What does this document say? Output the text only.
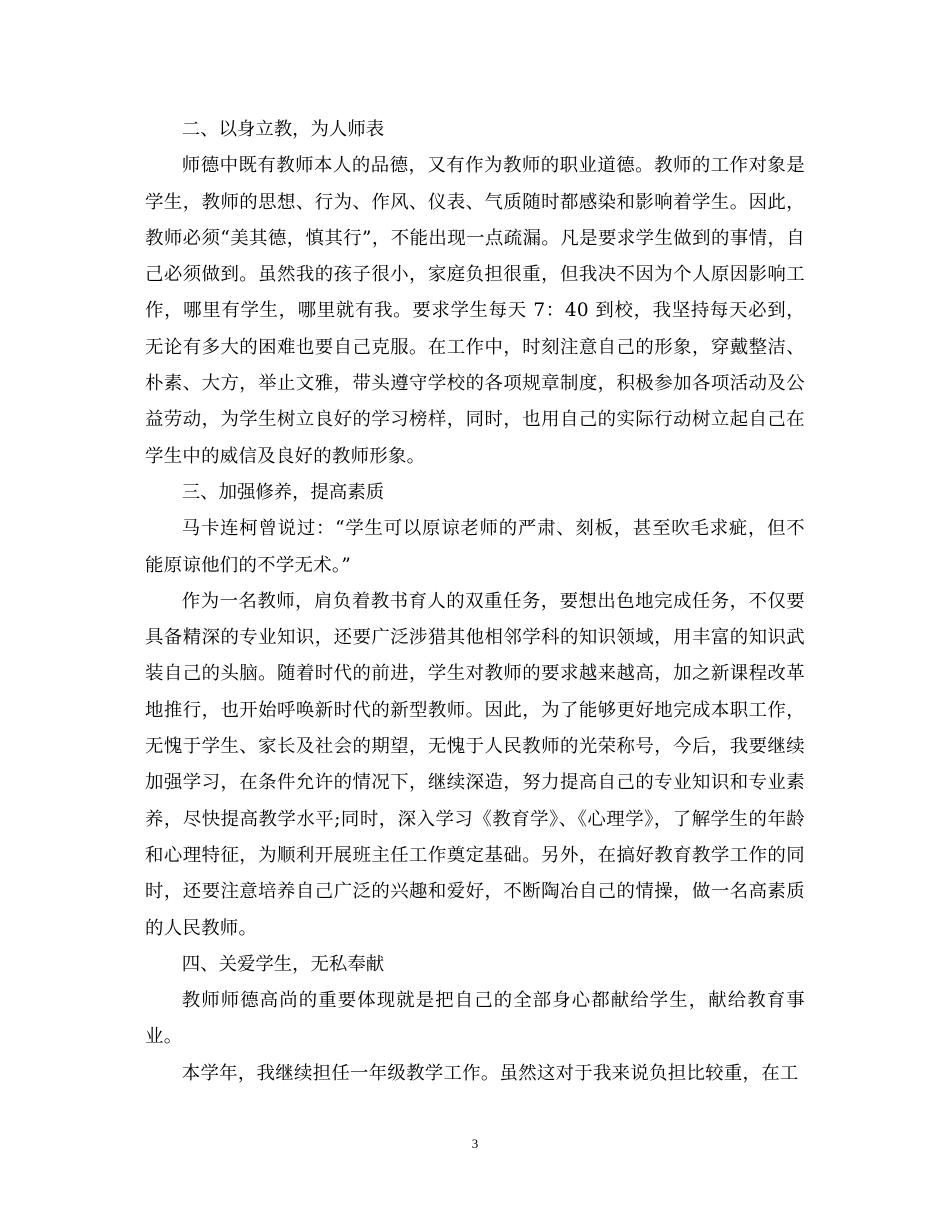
二、以身立教，为人师表

师德中既有教师本人的品德，又有作为教师的职业道德。教师的工作对象是学生，教师的思想、行为、作风、仪表、气质随时都感染和影响着学生。因此，教师必须“美其德，慎其行”，不能出现一点疏漏。凡是要求学生做到的事情，自己必须做到。虽然我的孩子很小，家庭负担很重，但我决不因为个人原因影响工作，哪里有学生，哪里就有我。要求学生每天 7：40 到校，我坚持每天必到，无论有多大的困难也要自己克服。在工作中，时刻注意自己的形象，穿戴整洁、朴素、大方，举止文雅，带头遵守学校的各项规章制度，积极参加各项活动及公益劳动，为学生树立良好的学习榜样，同时，也用自己的实际行动树立起自己在学生中的威信及良好的教师形象。

三、加强修养，提高素质

马卡连柯曾说过：“学生可以原谅老师的严肃、刻板，甚至吹毛求疵，但不能原谅他们的不学无术。”

作为一名教师，肩负着教书育人的双重任务，要想出色地完成任务，不仅要具备精深的专业知识，还要广泛涉猎其他相邻学科的知识领域，用丰富的知识武装自己的头脑。随着时代的前进，学生对教师的要求越来越高，加之新课程改革地推行，也开始呼唤新时代的新型教师。因此，为了能够更好地完成本职工作，无愧于学生、家长及社会的期望，无愧于人民教师的光荣称号，今后，我要继续加强学习，在条件允许的情况下，继续深造，努力提高自己的专业知识和专业素养，尽快提高教学水平;同时，深入学习《教育学》、《心理学》，了解学生的年龄和心理特征，为顺利开展班主任工作奠定基础。另外，在搞好教育教学工作的同时，还要注意培养自己广泛的兴趣和爱好，不断陶冶自己的情操，做一名高素质的人民教师。

四、关爱学生，无私奉献

教师师德高尚的重要体现就是把自己的全部身心都献给学生，献给教育事业。

本学年，我继续担任一年级教学工作。虽然这对于我来说负担比较重，在工

3
